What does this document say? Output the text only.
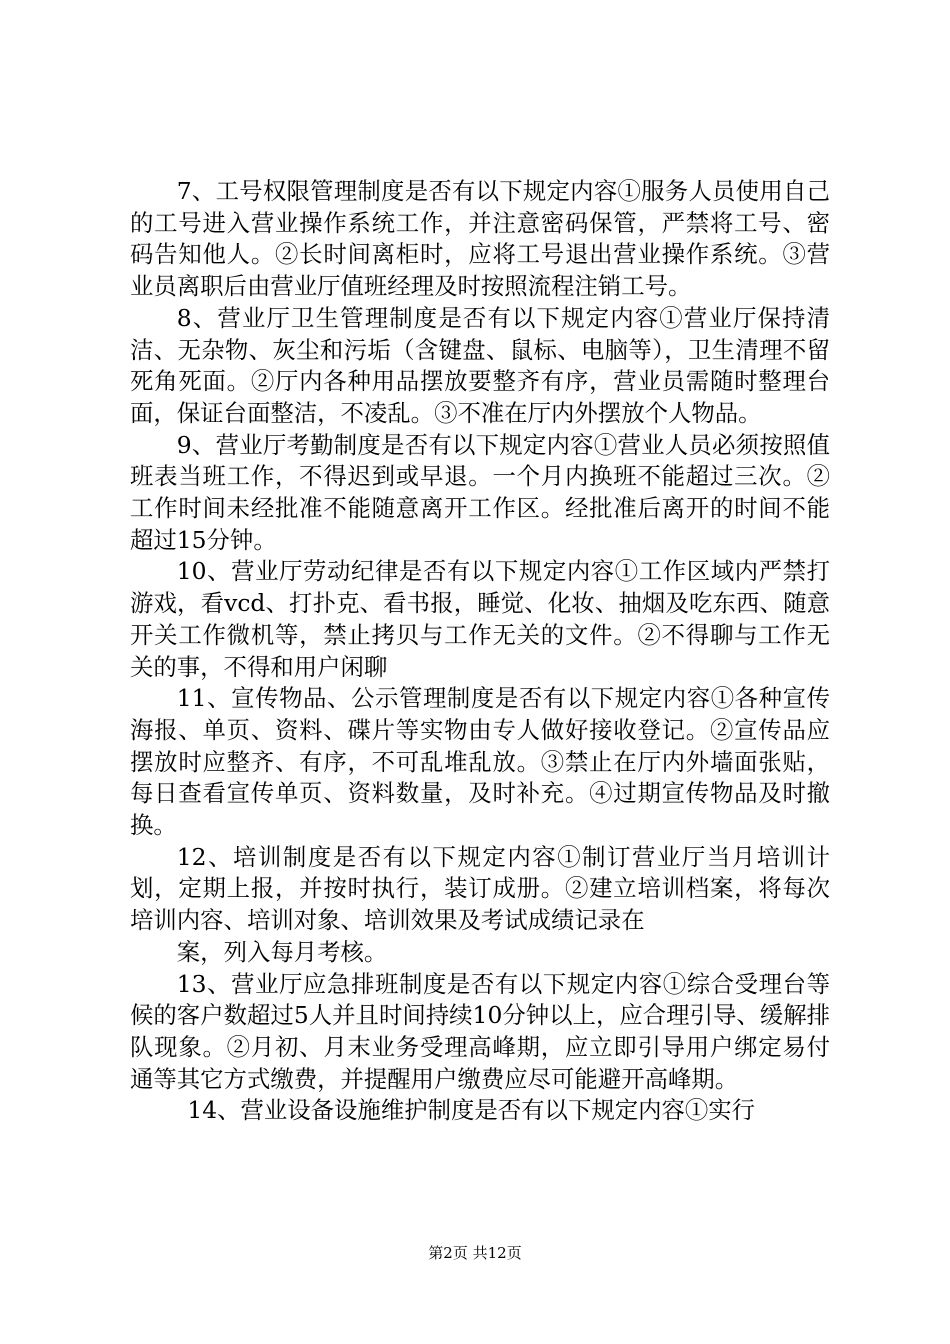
7、工号权限管理制度是否有以下规定内容①服务人员使用自己的工号进入营业操作系统工作，并注意密码保管，严禁将工号、密码告知他人。②长时间离柜时，应将工号退出营业操作系统。③营业员离职后由营业厅值班经理及时按照流程注销工号。

8、营业厅卫生管理制度是否有以下规定内容①营业厅保持清洁、无杂物、灰尘和污垢（含键盘、鼠标、电脑等），卫生清理不留死角死面。②厅内各种用品摆放要整齐有序，营业员需随时整理台面，保证台面整洁，不凌乱。③不准在厅内外摆放个人物品。

9、营业厅考勤制度是否有以下规定内容①营业人员必须按照值班表当班工作，不得迟到或早退。一个月内换班不能超过三次。②工作时间未经批准不能随意离开工作区。经批准后离开的时间不能超过15分钟。

10、营业厅劳动纪律是否有以下规定内容①工作区域内严禁打游戏，看vcd、打扑克、看书报，睡觉、化妆、抽烟及吃东西、随意开关工作微机等，禁止拷贝与工作无关的文件。②不得聊与工作无关的事，不得和用户闲聊

11、宣传物品、公示管理制度是否有以下规定内容①各种宣传海报、单页、资料、碟片等实物由专人做好接收登记。②宣传品应摆放时应整齐、有序，不可乱堆乱放。③禁止在厅内外墙面张贴，每日查看宣传单页、资料数量，及时补充。④过期宣传物品及时撤换。

12、培训制度是否有以下规定内容①制订营业厅当月培训计划，定期上报，并按时执行，装订成册。②建立培训档案，将每次培训内容、培训对象、培训效果及考试成绩记录在

案，列入每月考核。

13、营业厅应急排班制度是否有以下规定内容①综合受理台等候的客户数超过5人并且时间持续10分钟以上，应合理引导、缓解排队现象。②月初、月末业务受理高峰期，应立即引导用户绑定易付通等其它方式缴费，并提醒用户缴费应尽可能避开高峰期。

14、营业设备设施维护制度是否有以下规定内容①实行

第2页 共12页
